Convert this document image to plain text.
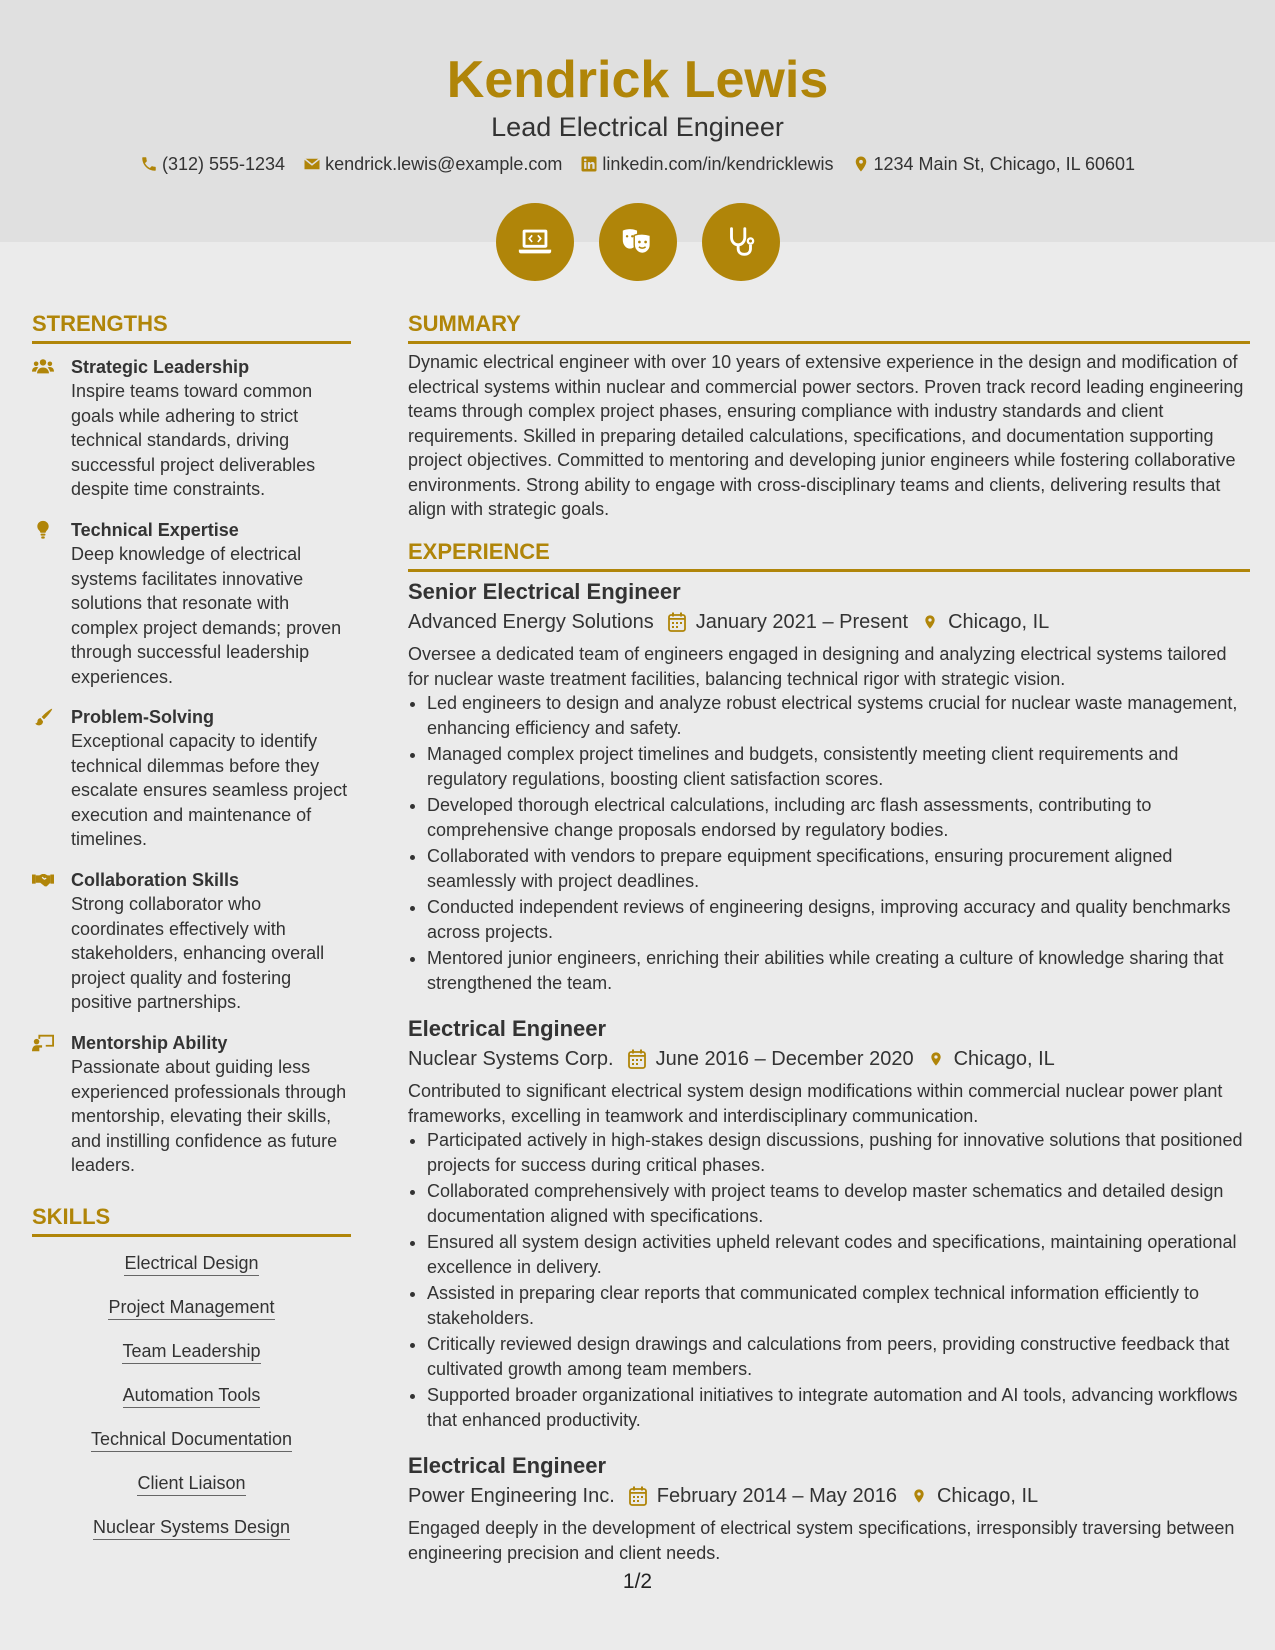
Kendrick Lewis
Lead Electrical Engineer
(312) 555-1234 kendrick.lewis@example.com linkedin.com/in/kendricklewis 1234 Main St, Chicago, IL 60601
STRENGTHS
Strategic Leadership
Inspire teams toward common goals while adhering to strict technical standards, driving successful project deliverables despite time constraints.
Technical Expertise
Deep knowledge of electrical systems facilitates innovative solutions that resonate with complex project demands; proven through successful leadership experiences.
Problem-Solving
Exceptional capacity to identify technical dilemmas before they escalate ensures seamless project execution and maintenance of timelines.
Collaboration Skills
Strong collaborator who coordinates effectively with stakeholders, enhancing overall project quality and fostering positive partnerships.
Mentorship Ability
Passionate about guiding less experienced professionals through mentorship, elevating their skills, and instilling confidence as future leaders.
SKILLS
Electrical Design
Project Management
Team Leadership
Automation Tools
Technical Documentation
Client Liaison
Nuclear Systems Design
SUMMARY

Dynamic electrical engineer with over 10 years of extensive experience in the design and modification of electrical systems within nuclear and commercial power sectors. Proven track record leading engineering teams through complex project phases, ensuring compliance with industry standards and client requirements. Skilled in preparing detailed calculations, specifications, and documentation supporting project objectives. Committed to mentoring and developing junior engineers while fostering collaborative environments. Strong ability to engage with cross-disciplinary teams and clients, delivering results that align with strategic goals.

EXPERIENCE
Senior Electrical Engineer
Advanced Energy Solutions January 2021 – Present Chicago, IL

Oversee a dedicated team of engineers engaged in designing and analyzing electrical systems tailored for nuclear waste treatment facilities, balancing technical rigor with strategic vision.

• Led engineers to design and analyze robust electrical systems crucial for nuclear waste management, enhancing efficiency and safety.
• Managed complex project timelines and budgets, consistently meeting client requirements and regulatory regulations, boosting client satisfaction scores.
• Developed thorough electrical calculations, including arc flash assessments, contributing to comprehensive change proposals endorsed by regulatory bodies.
• Collaborated with vendors to prepare equipment specifications, ensuring procurement aligned seamlessly with project deadlines.
• Conducted independent reviews of engineering designs, improving accuracy and quality benchmarks across projects.
• Mentored junior engineers, enriching their abilities while creating a culture of knowledge sharing that strengthened the team.
Electrical Engineer
Nuclear Systems Corp. June 2016 – December 2020 Chicago, IL

Contributed to significant electrical system design modifications within commercial nuclear power plant frameworks, excelling in teamwork and interdisciplinary communication.

• Participated actively in high-stakes design discussions, pushing for innovative solutions that positioned projects for success during critical phases.
• Collaborated comprehensively with project teams to develop master schematics and detailed design documentation aligned with specifications.
• Ensured all system design activities upheld relevant codes and specifications, maintaining operational excellence in delivery.
• Assisted in preparing clear reports that communicated complex technical information efficiently to stakeholders.
• Critically reviewed design drawings and calculations from peers, providing constructive feedback that cultivated growth among team members.
• Supported broader organizational initiatives to integrate automation and AI tools, advancing workflows that enhanced productivity.
Electrical Engineer
Power Engineering Inc. February 2014 – May 2016 Chicago, IL

Engaged deeply in the development of electrical system specifications, irresponsibly traversing between engineering precision and client needs.

1/2
